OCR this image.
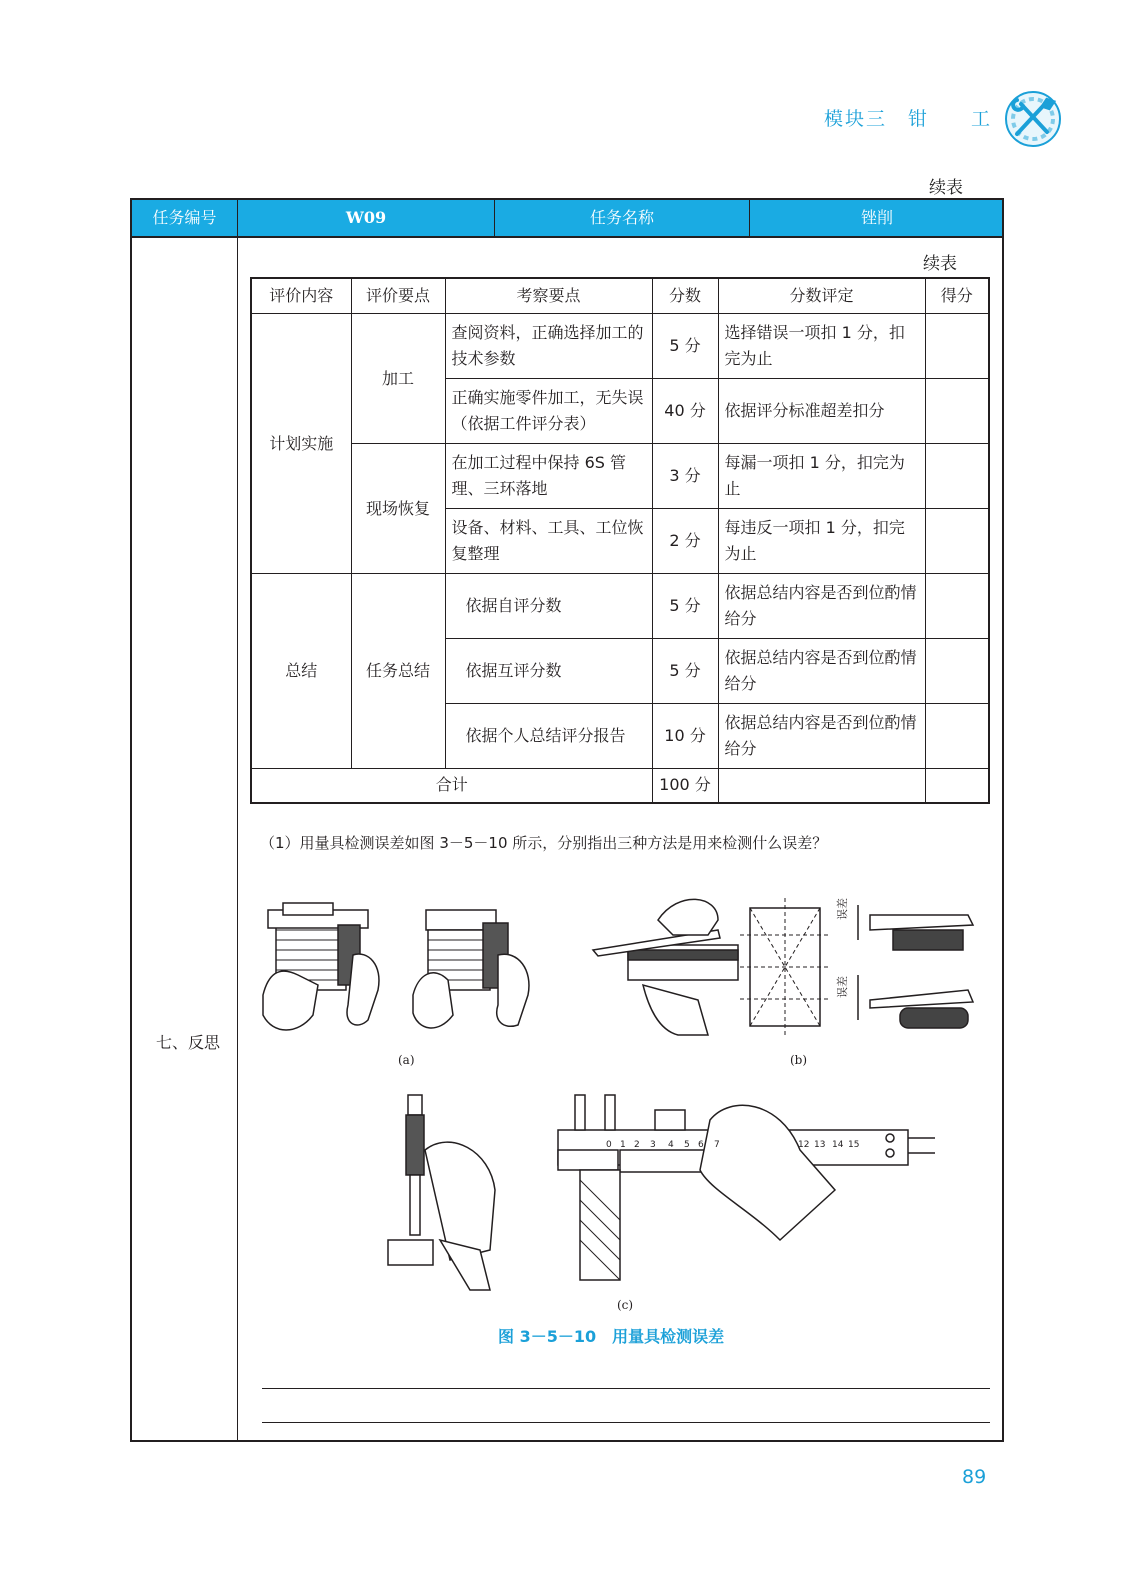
模块三　钳　　工
续表
任务编号	W09	任务名称	锉削
七、反思
续表
评价内容	评价要点	考察要点	分数	分数评定	得分
计划实施	加工	查阅资料，正确选择加工的技术参数	5 分	选择错误一项扣 1 分，扣完为止	
		正确实施零件加工，无失误（依据工件评分表）	40 分	依据评分标准超差扣分	
	现场恢复	在加工过程中保持 6S 管理、三环落地	3 分	每漏一项扣 1 分，扣完为止	
		设备、材料、工具、工位恢复整理	2 分	每违反一项扣 1 分，扣完为止	
总结	任务总结	依据自评分数	5 分	依据总结内容是否到位酌情给分	
		依据互评分数	5 分	依据总结内容是否到位酌情给分	
		依据个人总结评分报告	10 分	依据总结内容是否到位酌情给分	
合计			100 分		
（1）用量具检测误差如图 3－5－10 所示，分别指出三种方法是用来检测什么误差？
(a)
误差
误差
(b)
0 1 2 3 4 5 6 7	12 13 14 15
(c)
图 3－5－10　用量具检测误差
89
